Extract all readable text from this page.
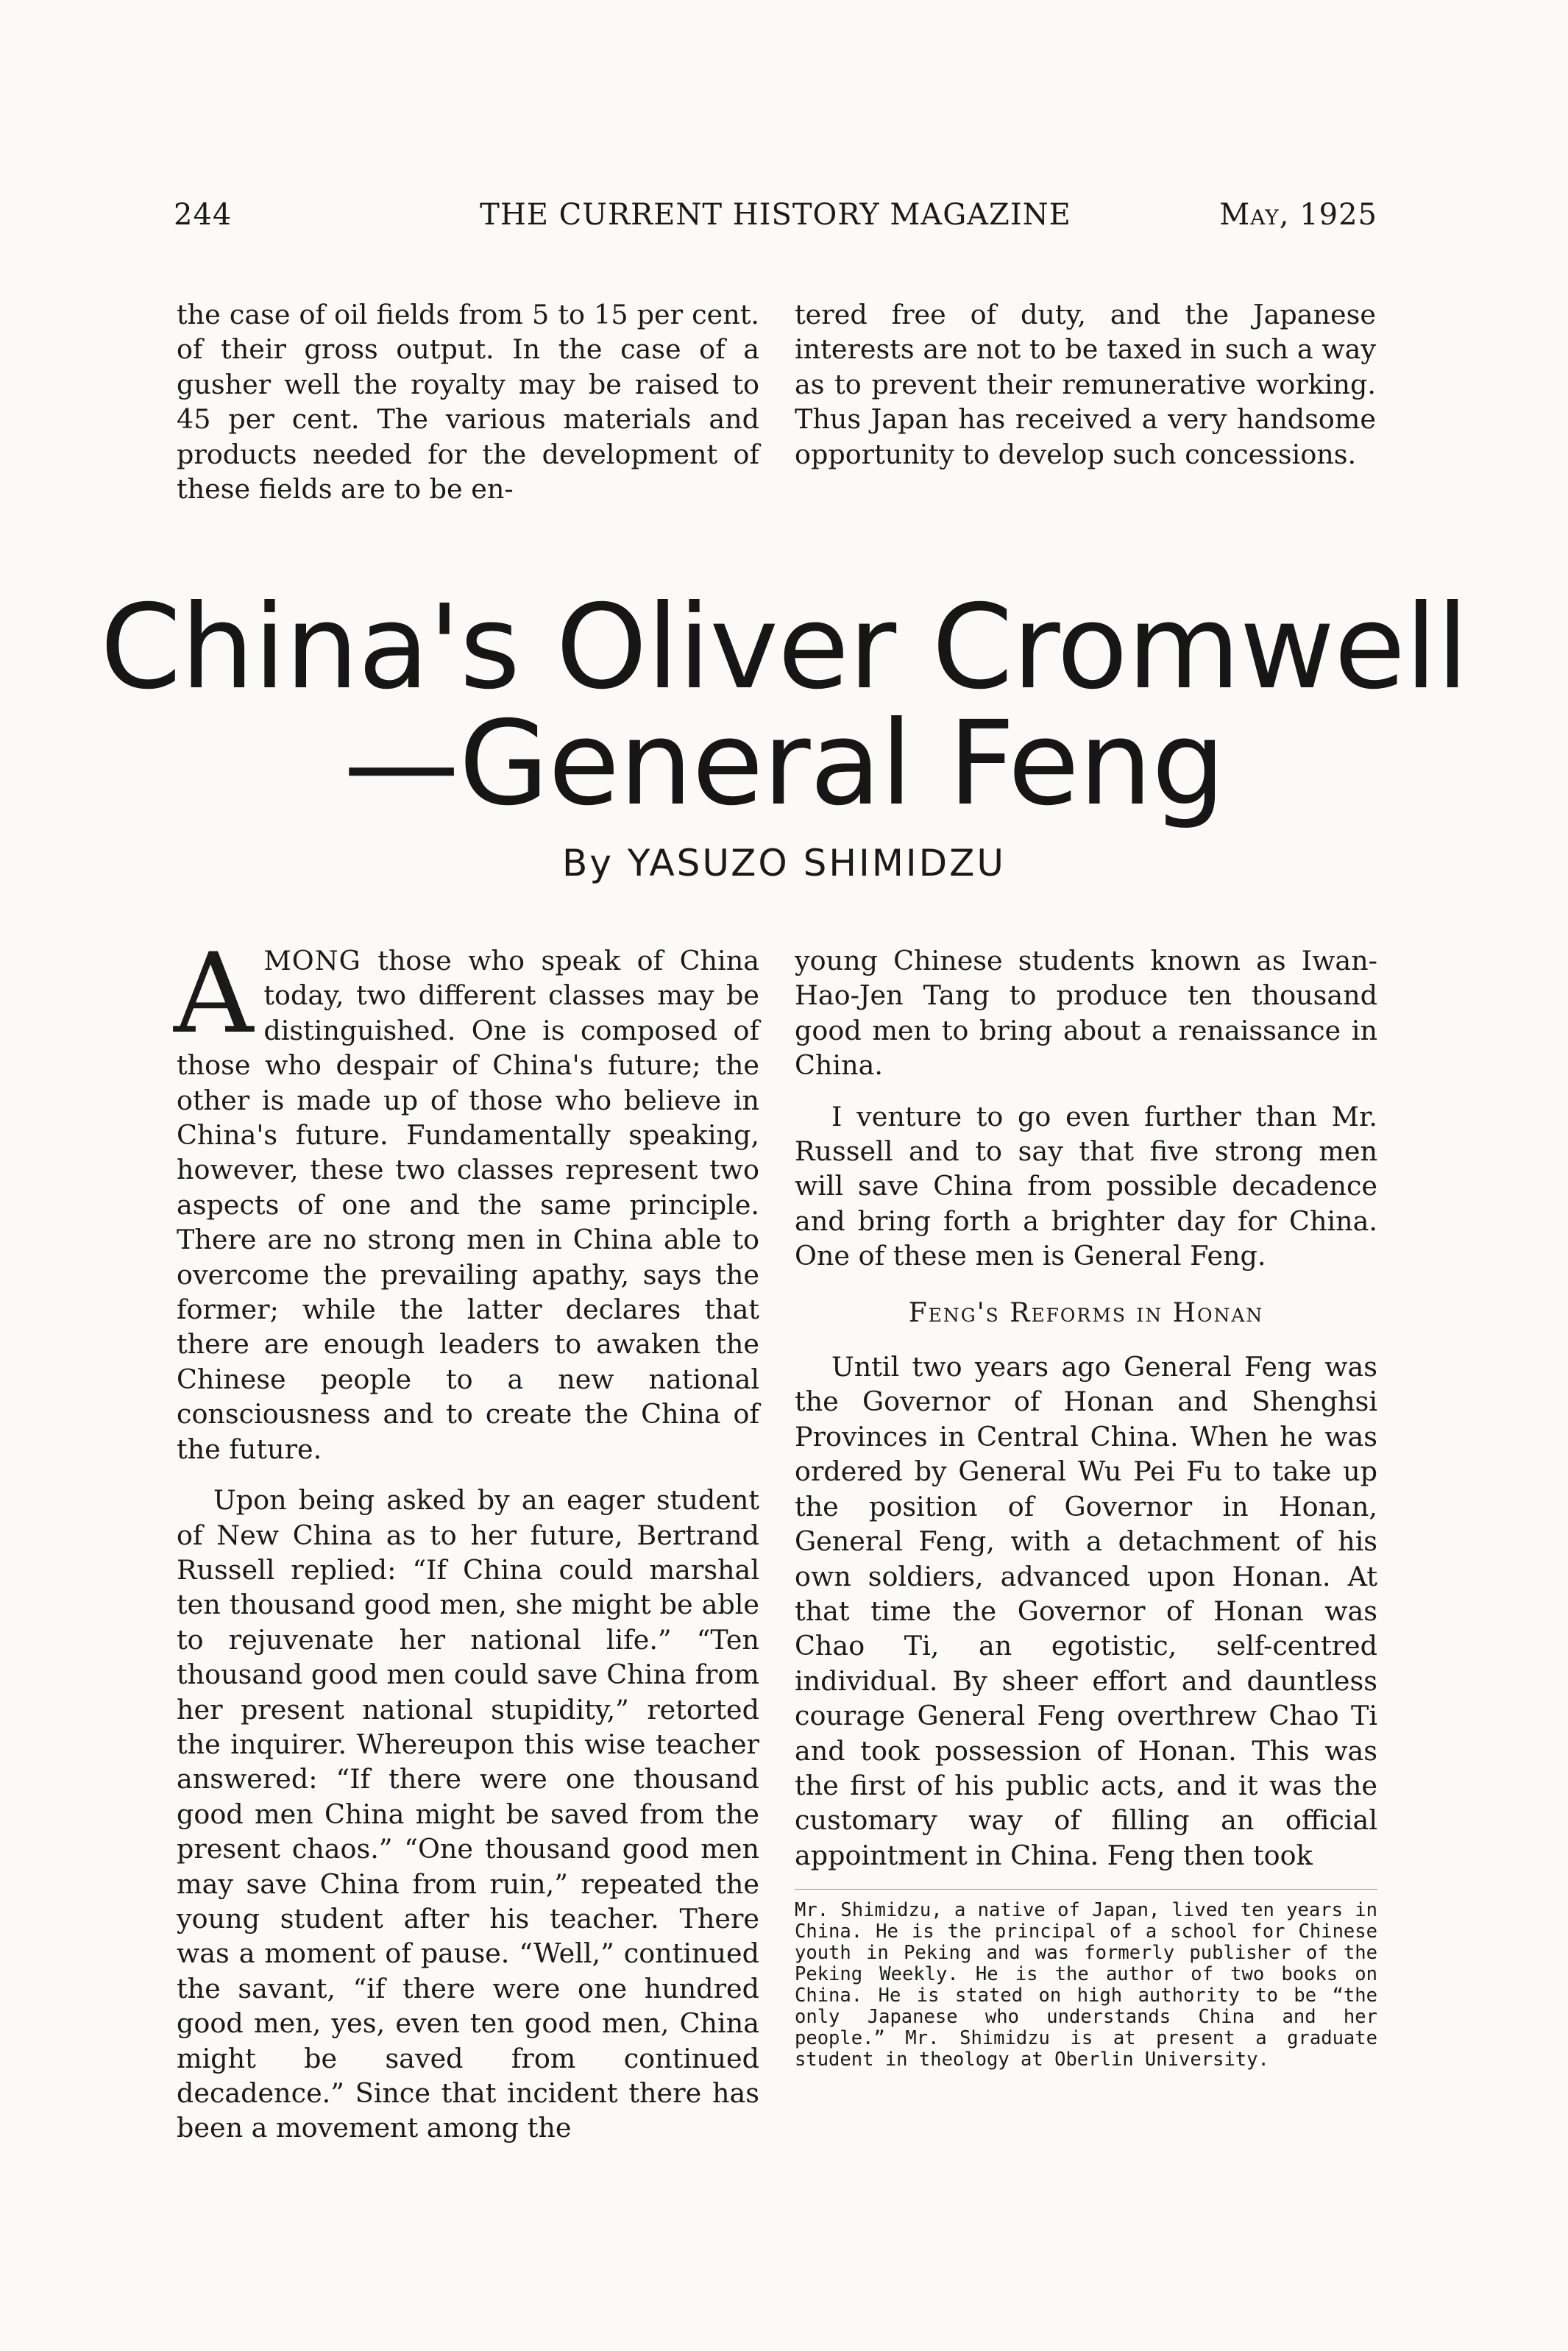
244	THE CURRENT HISTORY MAGAZINE	May, 1925

the case of oil fields from 5 to 15 per cent. of their gross output. In the case of a gusher well the royalty may be raised to 45 per cent. The various materials and products needed for the development of these fields are to be en-

tered free of duty, and the Japanese interests are not to be taxed in such a way as to prevent their remunerative working. Thus Japan has received a very handsome opportunity to develop such concessions.

China's Oliver Cromwell
—General Feng
By YASUZO SHIMIDZU

AMONG those who speak of China today, two different classes may be distinguished. One is composed of those who despair of China's future; the other is made up of those who believe in China's future. Fundamentally speaking, however, these two classes represent two aspects of one and the same principle. There are no strong men in China able to overcome the prevailing apathy, says the former; while the latter declares that there are enough leaders to awaken the Chinese people to a new national consciousness and to create the China of the future.

Upon being asked by an eager student of New China as to her future, Bertrand Russell replied: “If China could marshal ten thousand good men, she might be able to rejuvenate her national life.” “Ten thousand good men could save China from her present national stupidity,” retorted the inquirer. Whereupon this wise teacher answered: “If there were one thousand good men China might be saved from the present chaos.” “One thousand good men may save China from ruin,” repeated the young student after his teacher. There was a moment of pause. “Well,” continued the savant, “if there were one hundred good men, yes, even ten good men, China might be saved from continued decadence.” Since that incident there has been a movement among the

young Chinese students known as Iwan-Hao-Jen Tang to produce ten thousand good men to bring about a renaissance in China.

I venture to go even further than Mr. Russell and to say that five strong men will save China from possible decadence and bring forth a brighter day for China. One of these men is General Feng.

Feng's Reforms in Honan

Until two years ago General Feng was the Governor of Honan and Shenghsi Provinces in Central China. When he was ordered by General Wu Pei Fu to take up the position of Governor in Honan, General Feng, with a detachment of his own soldiers, advanced upon Honan. At that time the Governor of Honan was Chao Ti, an egotistic, self-centred individual. By sheer effort and dauntless courage General Feng overthrew Chao Ti and took possession of Honan. This was the first of his public acts, and it was the customary way of filling an official appointment in China. Feng then took

Mr. Shimidzu, a native of Japan, lived ten years in China. He is the principal of a school for Chinese youth in Peking and was formerly publisher of the Peking Weekly. He is the author of two books on China. He is stated on high authority to be “the only Japanese who understands China and her people.” Mr. Shimidzu is at present a graduate student in theology at Oberlin University.
